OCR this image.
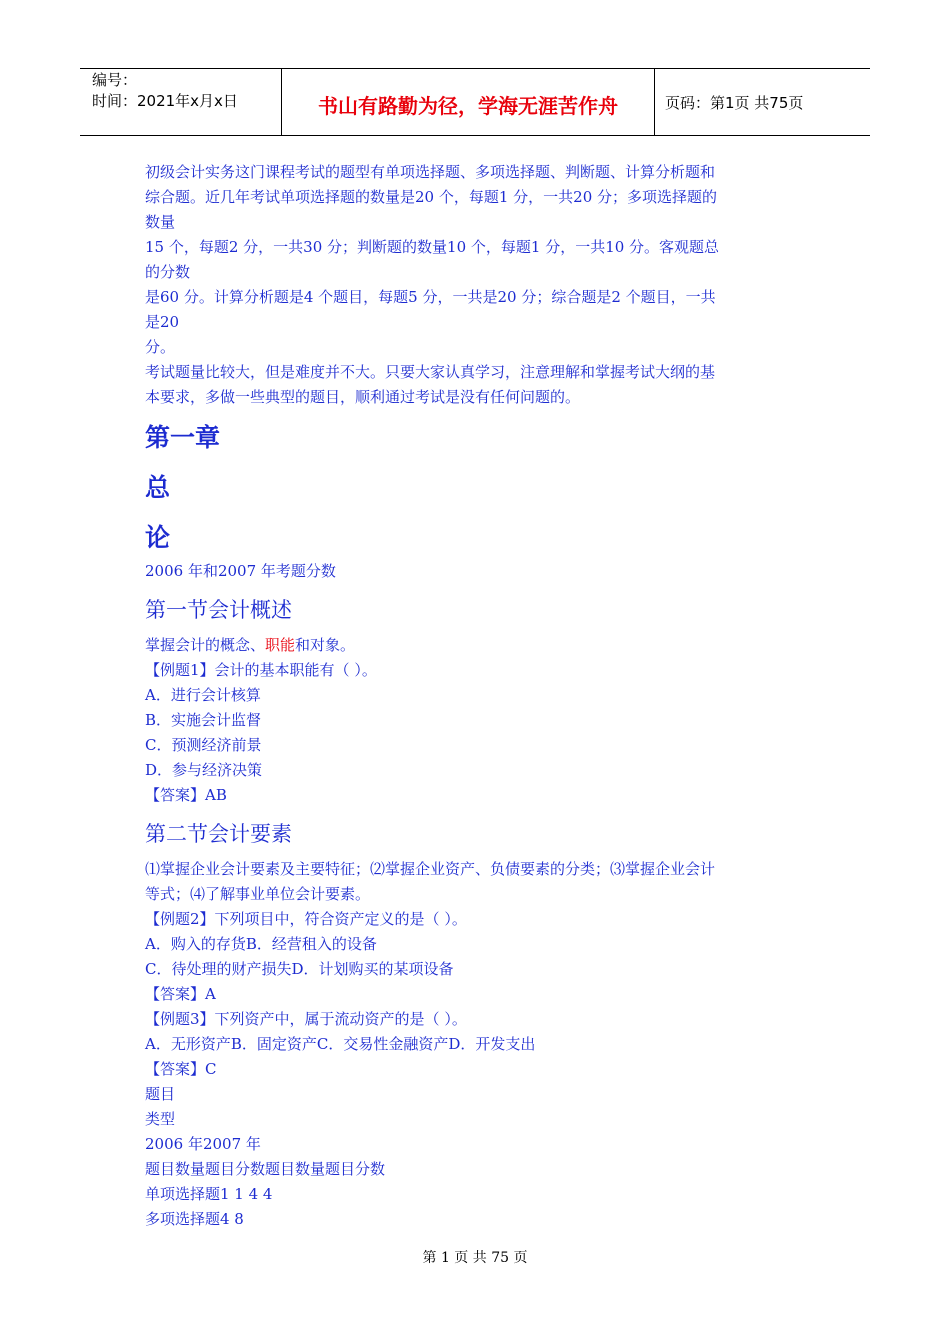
编号：
时间：2021年x月x日	书山有路勤为径，学海无涯苦作舟	页码：第1页 共75页
初级会计实务这门课程考试的题型有单项选择题、多项选择题、判断题、计算分析题和
综合题。近几年考试单项选择题的数量是20 个，每题1 分，一共20 分；多项选择题的
数量
15 个，每题2 分，一共30 分；判断题的数量10 个，每题1 分，一共10 分。客观题总
的分数
是60 分。计算分析题是4 个题目，每题5 分，一共是20 分；综合题是2 个题目，一共
是20
分。
考试题量比较大，但是难度并不大。只要大家认真学习，注意理解和掌握考试大纲的基
本要求，多做一些典型的题目，顺利通过考试是没有任何问题的。
第一章
总
论
2006 年和2007 年考题分数
第一节会计概述
掌握会计的概念、职能和对象。
【例题1】会计的基本职能有（ ）。
A．进行会计核算
B．实施会计监督
C．预测经济前景
D．参与经济决策
【答案】AB
第二节会计要素
⑴掌握企业会计要素及主要特征；⑵掌握企业资产、负债要素的分类；⑶掌握企业会计
等式；⑷了解事业单位会计要素。
【例题2】下列项目中，符合资产定义的是（ ）。
A．购入的存货B．经营租入的设备
C．待处理的财产损失D．计划购买的某项设备
【答案】A
【例题3】下列资产中，属于流动资产的是（ ）。
A．无形资产B．固定资产C．交易性金融资产D．开发支出
【答案】C
题目
类型
2006 年2007 年
题目数量题目分数题目数量题目分数
单项选择题1 1 4 4
多项选择题4 8
第 1 页 共 75 页
